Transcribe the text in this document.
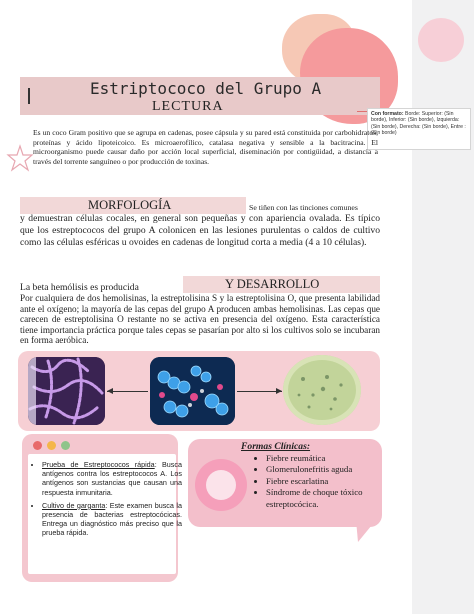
Estriptococo del Grupo A
LECTURA	Con formato: Borde: Superior: (Sin borde), Inferior: (Sin borde), Izquierda: (Sin borde), Derecha: (Sin borde), Entre : (Sin borde)
Es un coco Gram positivo que se agrupa en cadenas, posee cápsula y su pared está constituida por carbohidratos, proteínas y ácido lipoteicoico. Es microaerofílico, catalasa negativa y sensible a la bacitracina. El microorganismo puede causar daño por acción local superficial, diseminación por contigüidad, a distancia a través del torrente sanguíneo o por producción de toxinas.
MORFOLOGÍA	Se tiñen con las tinciones comunes
y demuestran células cocales, en general son pequeñas y con apariencia ovalada. Es típico que los estreptococos del grupo A colonicen en las lesiones purulentas o caldos de cultivo como las células esféricas u ovoides en cadenas de longitud corta a media (4 a 10 células).
La beta hemólisis es producida	Y DESARROLLO
Por cualquiera de dos hemolisinas, la estreptolisina S y la estreptolisina O, que presenta labilidad ante el oxígeno; la mayoría de las cepas del grupo A producen ambas hemolisinas. Las cepas que carecen de estreptolisina O restante no se activa en presencia del oxígeno. Esta característica tiene importancia práctica porque tales cepas se pasarían por alto si los cultivos solo se incubaran en forma aeróbica.
• Prueba de Estreptococos rápida: Busca antígenos contra los estreptococos A. Los antígenos son sustancias que causan una respuesta inmunitaria.
• Cultivo de garganta: Este examen busca la presencia de bacterias estreptocócicas. Entrega un diagnóstico más preciso que la prueba rápida.
Formas Clínicas:
• Fiebre reumática
• Glomerulonefritis aguda
• Fiebre escarlatina
• Síndrome de choque tóxico estreptocócica.
